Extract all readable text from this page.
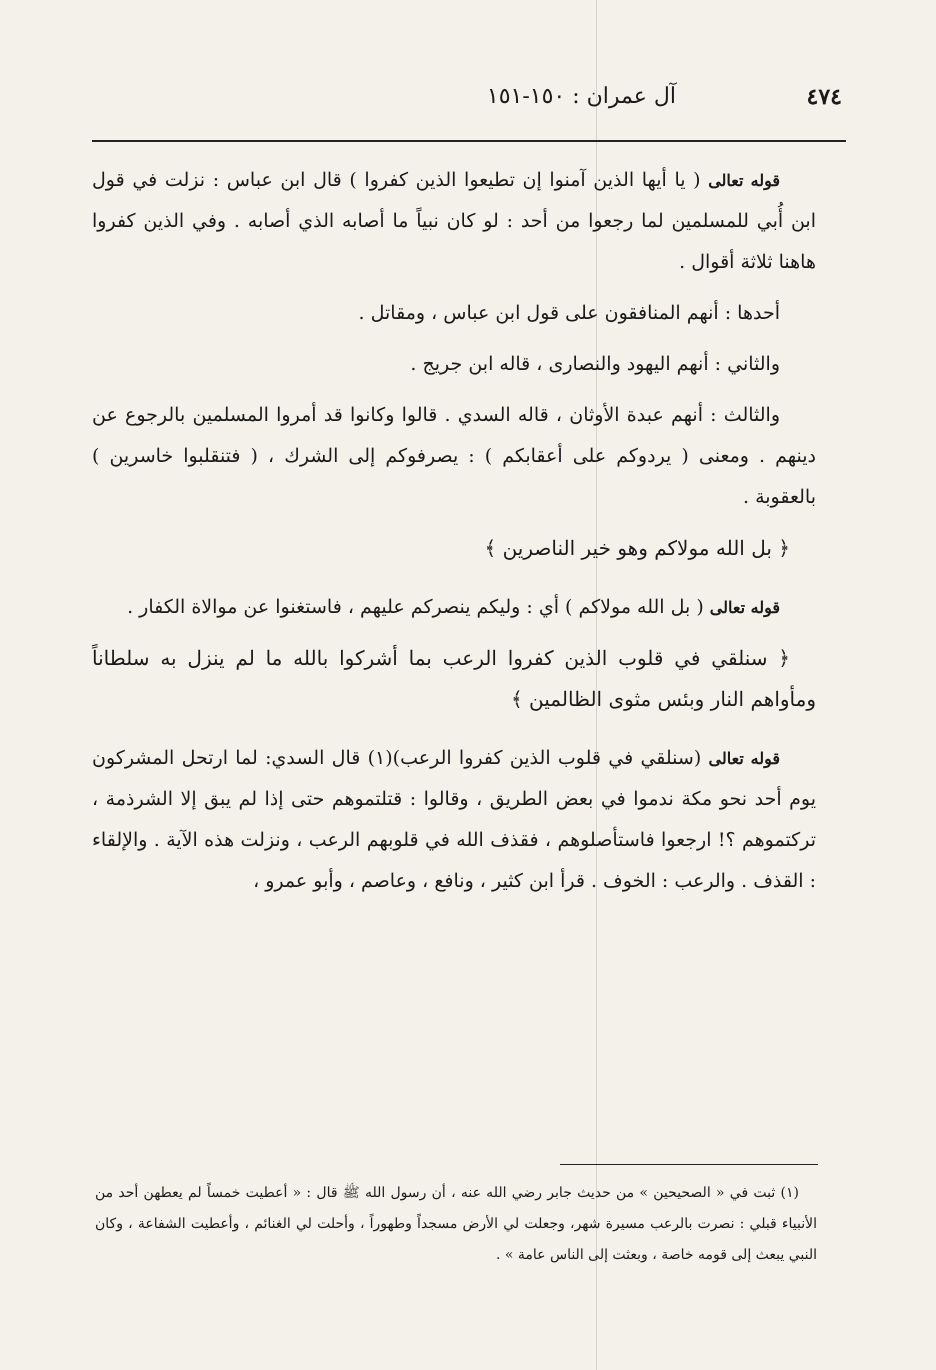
٤٧٤
آل عمران : ١٥٠-١٥١

قوله تعالى ( يا أيها الذين آمنوا إن تطيعوا الذين كفروا ) قال ابن عباس : نزلت في قول ابن أُبي للمسلمين لما رجعوا من أحد : لو كان نبياً ما أصابه الذي أصابه . وفي الذين كفروا هاهنا ثلاثة أقوال .

أحدها : أنهم المنافقون على قول ابن عباس ، ومقاتل .

والثاني : أنهم اليهود والنصارى ، قاله ابن جريج .

والثالث : أنهم عبدة الأوثان ، قاله السدي . قالوا وكانوا قد أمروا المسلمين بالرجوع عن دينهم . ومعنى ( يردوكم على أعقابكم ) : يصرفوكم إلى الشرك ، ( فتنقلبوا خاسرين ) بالعقوبة .

﴿ بل الله مولاكم وهو خير الناصرين ﴾

قوله تعالى ( بل الله مولاكم ) أي : وليكم ينصركم عليهم ، فاستغنوا عن موالاة الكفار .

﴿ سنلقي في قلوب الذين كفروا الرعب بما أشركوا بالله ما لم ينزل به سلطاناً ومأواهم النار وبئس مثوى الظالمين ﴾

قوله تعالى (سنلقي في قلوب الذين كفروا الرعب)(١) قال السدي: لما ارتحل المشركون يوم أحد نحو مكة ندموا في بعض الطريق ، وقالوا : قتلتموهم حتى إذا لم يبق إلا الشرذمة ، تركتموهم ؟! ارجعوا فاستأصلوهم ، فقذف الله في قلوبهم الرعب ، ونزلت هذه الآية . والإلقاء : القذف . والرعب : الخوف . قرأ ابن كثير ، ونافع ، وعاصم ، وأبو عمرو ،

(١) ثبت في « الصحيحين » من حديث جابر رضي الله عنه ، أن رسول الله ﷺ قال : « أعطيت خمساً لم يعطهن أحد من الأنبياء قبلي : نصرت بالرعب مسيرة شهر، وجعلت لي الأرض مسجداً وطهوراً ، وأحلت لي الغنائم ، وأعطيت الشفاعة ، وكان النبي يبعث إلى قومه خاصة ، وبعثت إلى الناس عامة » .
